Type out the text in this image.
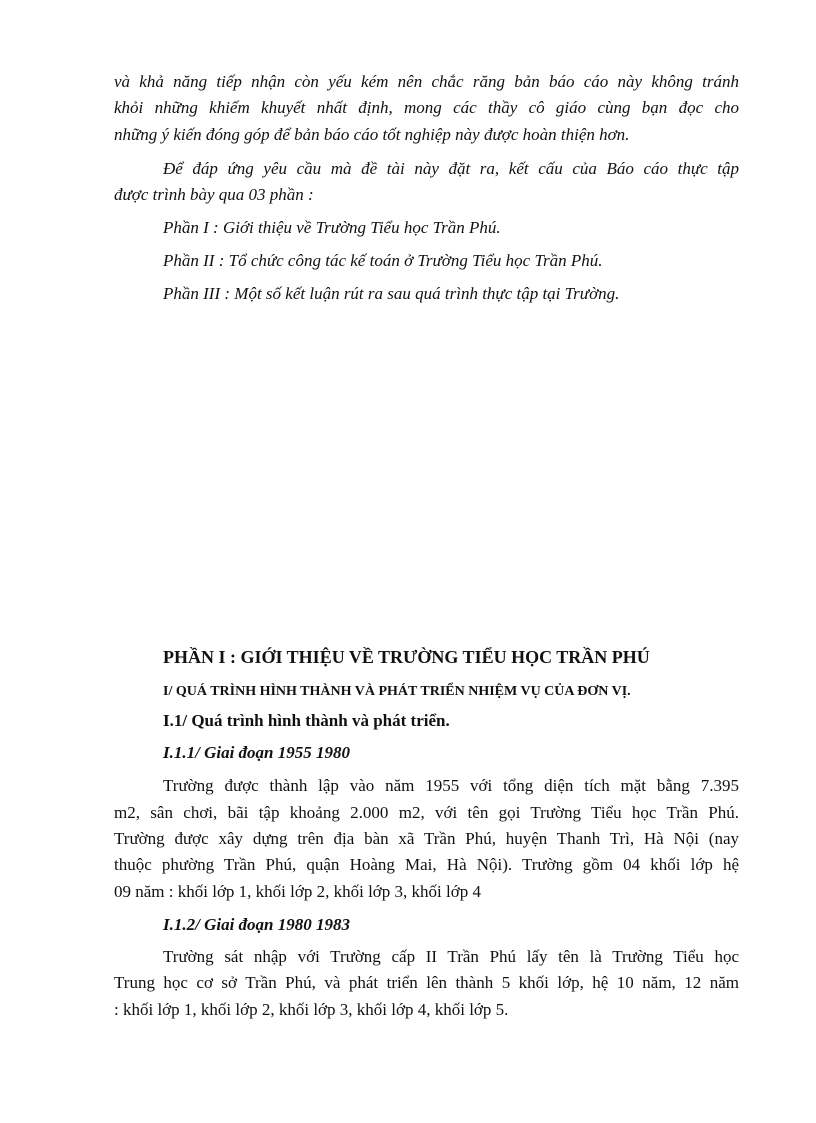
và khả năng tiếp nhận còn yếu kém nên chắc răng bản báo cáo này không tránh
khỏi những khiếm khuyết nhất định, mong các thầy cô giáo cùng bạn đọc cho
những ý kiến đóng góp để bản báo cáo tốt nghiệp này được hoàn thiện hơn.
Để đáp ứng yêu cầu mà đề tài này đặt ra, kết cấu của Báo cáo thực tập
được trình bày qua 03 phần :
Phần I : Giới thiệu về Trường Tiểu học Trần Phú.
Phần II : Tổ chức công tác kế toán ở Trường Tiểu học Trần Phú.
Phần III : Một số kết luận rút ra sau quá trình thực tập tại Trường.
PHẦN I : GIỚI THIỆU VỀ TRƯỜNG TIỂU HỌC TRẦN PHÚ
I/ QUÁ TRÌNH HÌNH THÀNH VÀ PHÁT TRIỂN NHIỆM VỤ CỦA ĐƠN VỊ.
I.1/ Quá trình hình thành và phát triển.
I.1.1/ Giai đoạn 1955 1980
Trường được thành lập vào năm 1955 với tổng diện tích mặt bằng 7.395
m2, sân chơi, bãi tập khoảng 2.000 m2, với tên gọi Trường Tiểu học Trần Phú.
Trường được xây dựng trên địa bàn xã Trần Phú, huyện Thanh Trì, Hà Nội (nay
thuộc phường Trần Phú, quận Hoàng Mai, Hà Nội). Trường gồm 04 khối lớp hệ
09 năm : khối lớp 1, khối lớp 2, khối lớp 3, khối lớp 4
I.1.2/ Giai đoạn 1980 1983
Trường sát nhập với Trường cấp II Trần Phú lấy tên là Trường Tiểu học
Trung học cơ sở Trần Phú, và phát triển lên thành 5 khối lớp, hệ 10 năm, 12 năm
: khối lớp 1, khối lớp 2, khối lớp 3, khối lớp 4, khối lớp 5.
